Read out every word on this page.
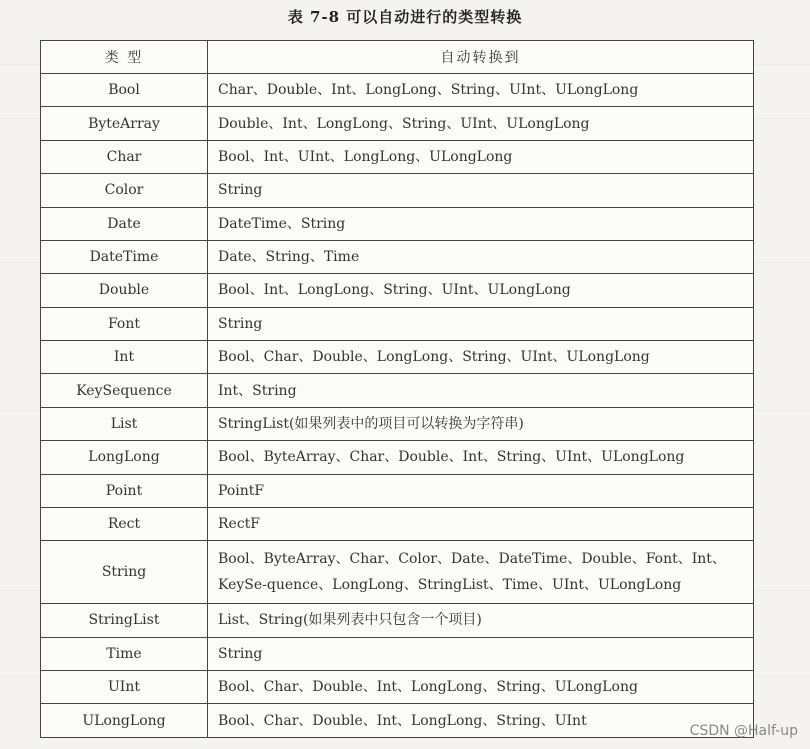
表 7-8 可以自动进行的类型转换
类 型	自动转换到
Bool	Char、Double、Int、LongLong、String、UInt、ULongLong
ByteArray	Double、Int、LongLong、String、UInt、ULongLong
Char	Bool、Int、UInt、LongLong、ULongLong
Color	String
Date	DateTime、String
DateTime	Date、String、Time
Double	Bool、Int、LongLong、String、UInt、ULongLong
Font	String
Int	Bool、Char、Double、LongLong、String、UInt、ULongLong
KeySequence	Int、String
List	StringList(如果列表中的项目可以转换为字符串)
LongLong	Bool、ByteArray、Char、Double、Int、String、UInt、ULongLong
Point	PointF
Rect	RectF
String	Bool、ByteArray、Char、Color、Date、DateTime、Double、Font、Int、KeySe-quence、LongLong、StringList、Time、UInt、ULongLong
StringList	List、String(如果列表中只包含一个项目)
Time	String
UInt	Bool、Char、Double、Int、LongLong、String、ULongLong
ULongLong	Bool、Char、Double、Int、LongLong、String、UInt
CSDN @Half-up
